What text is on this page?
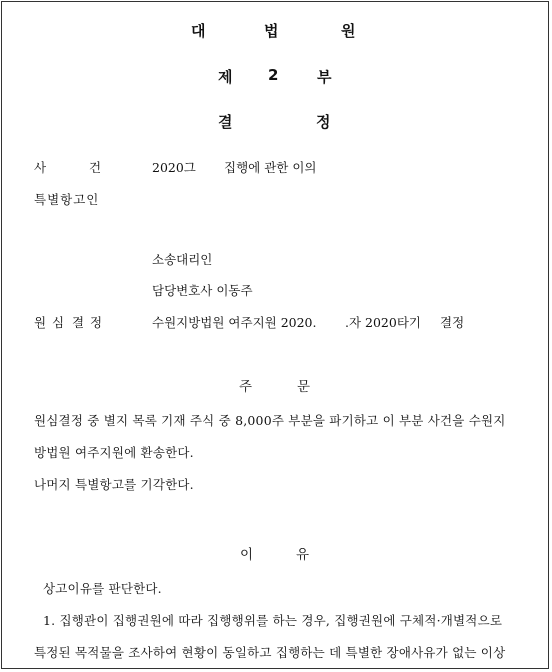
대	법	원
제 2	부
결	정
사	건	2020그 집행에 관한 이의
특별항고인
소송대리인
담당변호사 이동주
원 심 결 정	수원지방법원 여주지원 2020. .자 2020타기 결정
주	문
원심결정 중 별지 목록 기재 주식 중 8,000주 부분을 파기하고 이 부분 사건을 수원지
방법원 여주지원에 환송한다.
나머지 특별항고를 기각한다.
이	유
상고이유를 판단한다.
1. 집행관이 집행권원에 따라 집행행위를 하는 경우, 집행권원에 구체적·개별적으로
특정된 목적물을 조사하여 현황이 동일하고 집행하는 데 특별한 장애사유가 없는 이상
